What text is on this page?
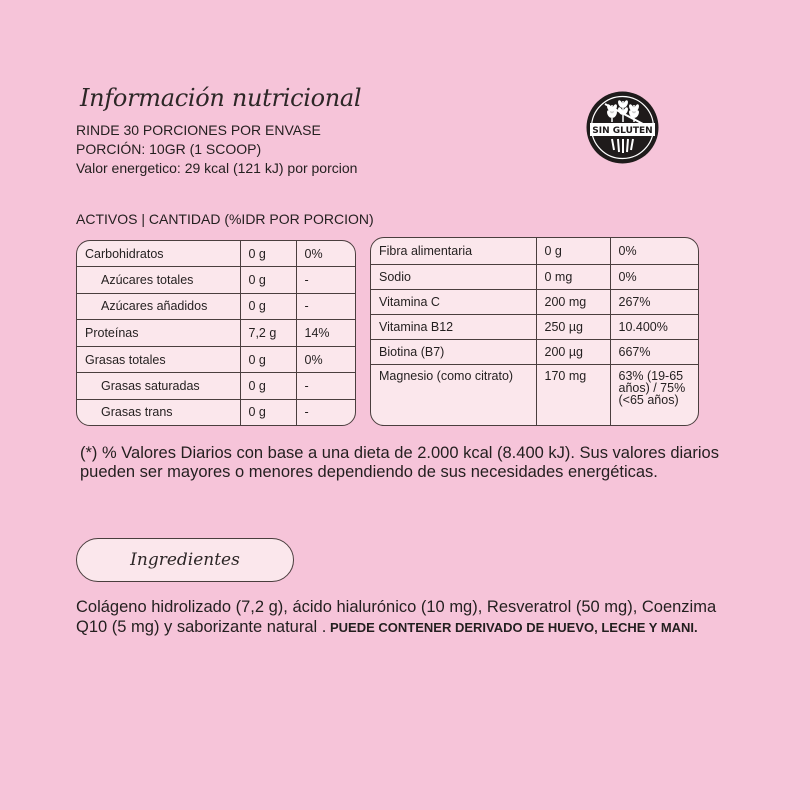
Información nutricional
RINDE 30 PORCIONES POR ENVASE
PORCIÓN: 10GR (1 SCOOP)
Valor energetico: 29 kcal (121 kJ) por porcion
SIN GLUTEN
ACTIVOS | CANTIDAD (%IDR POR PORCION)
Carbohidratos	0 g	0%
Azúcares totales	0 g	-
Azúcares añadidos	0 g	-
Proteínas	7,2 g	14%
Grasas totales	0 g	0%
Grasas saturadas	0 g	-
Grasas trans	0 g	-
Fibra alimentaria	0 g	0%
Sodio	0 mg	0%
Vitamina C	200 mg	267%
Vitamina B12	250 µg	10.400%
Biotina (B7)	200 µg	667%
Magnesio (como citrato)	170 mg	63% (19-65 años) / 75% (<65 años)
(*) % Valores Diarios con base a una dieta de 2.000 kcal (8.400 kJ). Sus valores diarios pueden ser mayores o menores dependiendo de sus necesidades energéticas.
Ingredientes
Colágeno hidrolizado (7,2 g), ácido hialurónico (10 mg), Resveratrol (50 mg), Coenzima Q10 (5 mg) y saborizante natural . PUEDE CONTENER DERIVADO DE HUEVO, LECHE Y MANI.
